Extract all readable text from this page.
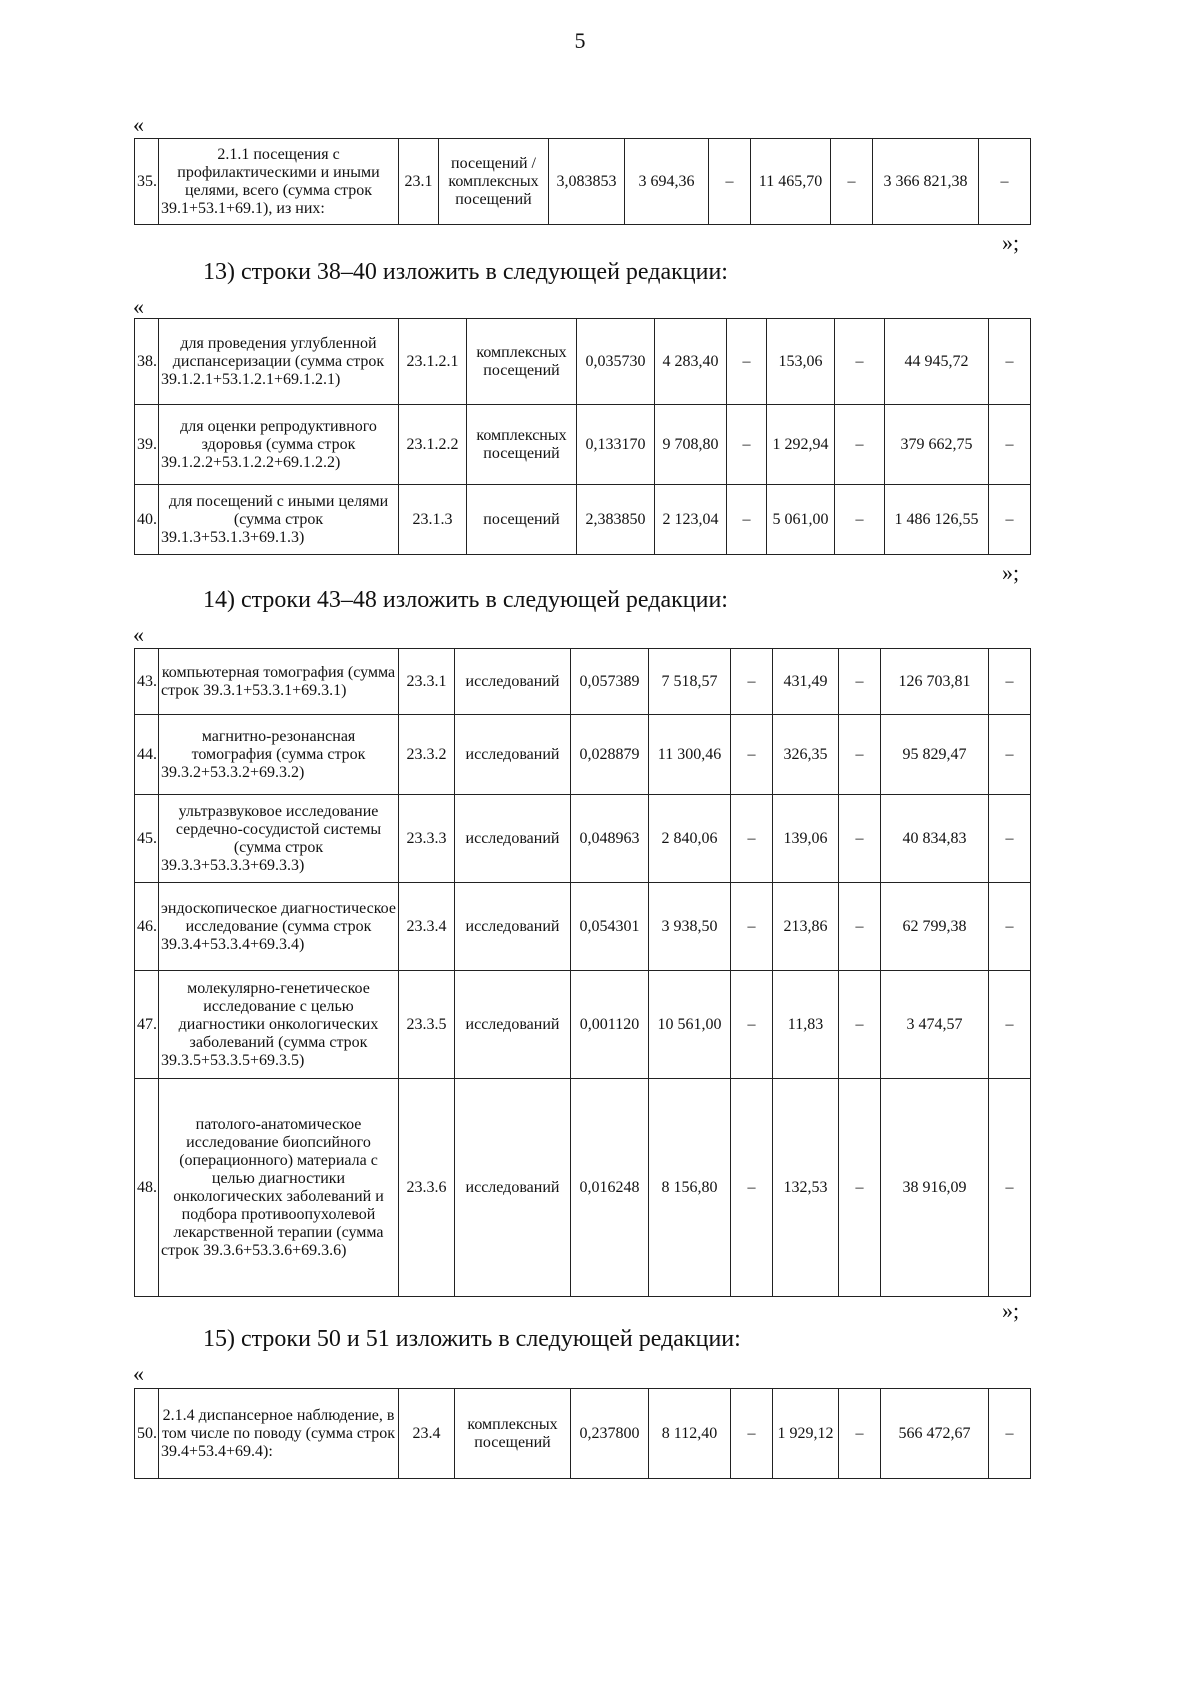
5
«
35.	2.1.1 посещения с профилактическими и иными целями, всего (сумма строк 39.1+53.1+69.1), из них:	23.1	посещений / комплексных посещений	3,083853	3 694,36	–	11 465,70	–	3 366 821,38	–
»;
13) строки 38–40 изложить в следующей редакции:
«
38.	для проведения углубленной диспансеризации (сумма строк 39.1.2.1+53.1.2.1+69.1.2.1)	23.1.2.1	комплексных посещений	0,035730	4 283,40	–	153,06	–	44 945,72	–
39.	для оценки репродуктивного здоровья (сумма строк 39.1.2.2+53.1.2.2+69.1.2.2)	23.1.2.2	комплексных посещений	0,133170	9 708,80	–	1 292,94	–	379 662,75	–
40.	для посещений с иными целями (сумма строк 39.1.3+53.1.3+69.1.3)	23.1.3	посещений	2,383850	2 123,04	–	5 061,00	–	1 486 126,55	–
»;
14) строки 43–48 изложить в следующей редакции:
«
43.	компьютерная томография (сумма строк 39.3.1+53.3.1+69.3.1)	23.3.1	исследований	0,057389	7 518,57	–	431,49	–	126 703,81	–
44.	магнитно-резонансная томография (сумма строк 39.3.2+53.3.2+69.3.2)	23.3.2	исследований	0,028879	11 300,46	–	326,35	–	95 829,47	–
45.	ультразвуковое исследование сердечно-сосудистой системы (сумма строк 39.3.3+53.3.3+69.3.3)	23.3.3	исследований	0,048963	2 840,06	–	139,06	–	40 834,83	–
46.	эндоскопическое диагностическое исследование (сумма строк 39.3.4+53.3.4+69.3.4)	23.3.4	исследований	0,054301	3 938,50	–	213,86	–	62 799,38	–
47.	молекулярно-генетическое исследование с целью диагностики онкологических заболеваний (сумма строк 39.3.5+53.3.5+69.3.5)	23.3.5	исследований	0,001120	10 561,00	–	11,83	–	3 474,57	–
48.	патолого-анатомическое исследование биопсийного (операционного) материала с целью диагностики онкологических заболеваний и подбора противоопухолевой лекарственной терапии (сумма строк 39.3.6+53.3.6+69.3.6)	23.3.6	исследований	0,016248	8 156,80	–	132,53	–	38 916,09	–
»;
15) строки 50 и 51 изложить в следующей редакции:
«
50.	2.1.4 диспансерное наблюдение, в том числе по поводу (сумма строк 39.4+53.4+69.4):	23.4	комплексных посещений	0,237800	8 112,40	–	1 929,12	–	566 472,67	–
